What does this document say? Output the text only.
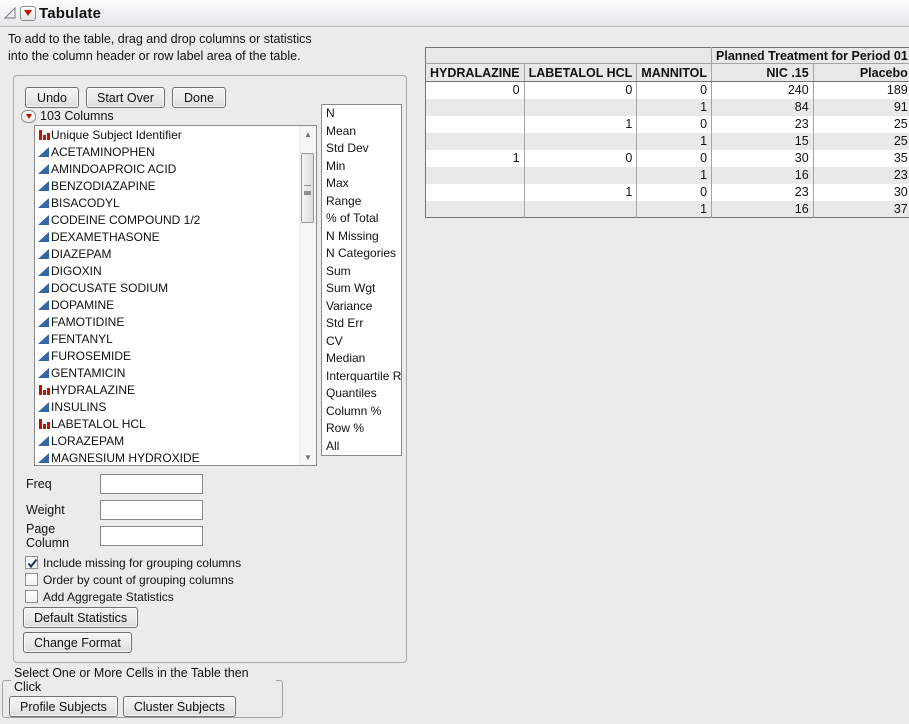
Tabulate
To add to the table, drag and drop columns or statistics
into the column header or row label area of the table.
Undo	Start Over	Done
103 Columns
Unique Subject Identifier
ACETAMINOPHEN
AMINDOAPROIC ACID
BENZODIAZAPINE
BISACODYL
CODEINE COMPOUND 1/2
DEXAMETHASONE
DIAZEPAM
DIGOXIN
DOCUSATE SODIUM
DOPAMINE
FAMOTIDINE
FENTANYL
FUROSEMIDE
GENTAMICIN
HYDRALAZINE
INSULINS
LABETALOL HCL
LORAZEPAM
MAGNESIUM HYDROXIDE
▲
▼
N
Mean
Std Dev
Min
Max
Range
% of Total
N Missing
N Categories
Sum
Sum Wgt
Variance
Std Err
CV
Median
Interquartile R
Quantiles
Column %
Row %
All
Freq
Weight
Page Column
Include missing for grouping columns
Order by count of grouping columns
Add Aggregate Statistics
Default Statistics
Change Format
Select One or More Cells in the Table then Click
Profile Subjects	Cluster Subjects
			Planned Treatment for Period 01	
HYDRALAZINE	LABETALOL HCL	MANNITOL	NIC .15	Placebo
0	0	0	240	189
		1	84	91
	1	0	23	25
		1	15	25
1	0	0	30	35
		1	16	23
	1	0	23	30
		1	16	37
